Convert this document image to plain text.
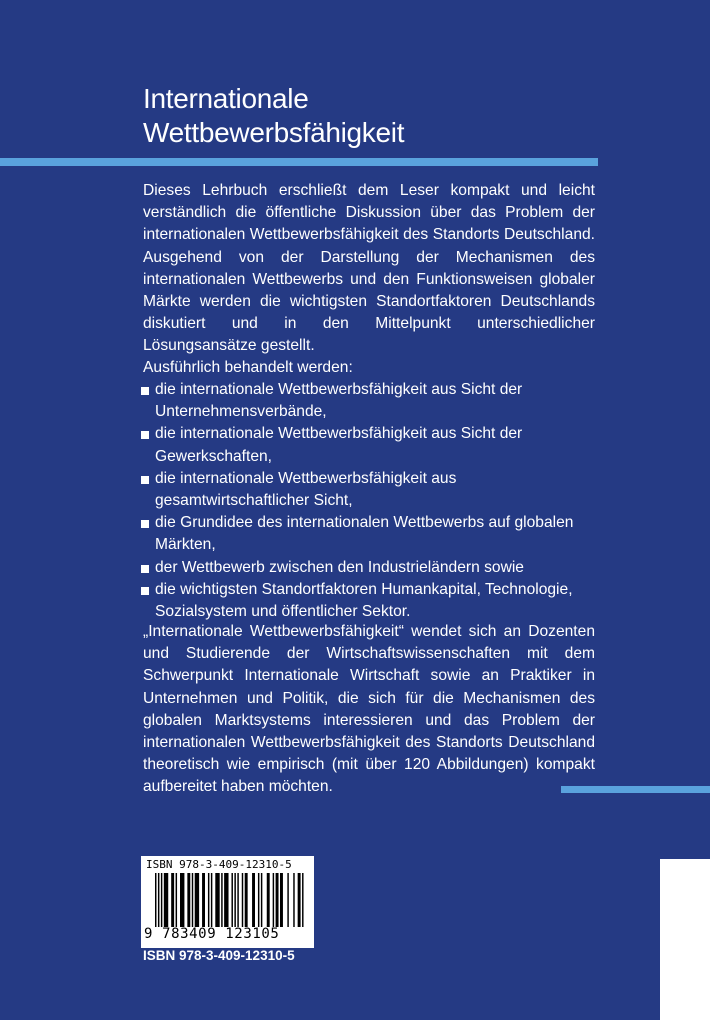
Internationale
Wettbewerbsfähigkeit
Dieses Lehrbuch erschließt dem Leser kompakt und leicht verständlich die öffentliche Diskussion über das Problem der internationalen Wettbewerbsfähigkeit des Standorts Deutschland. Ausgehend von der Darstellung der Mechanismen des internationalen Wettbewerbs und den Funktionsweisen globaler Märkte werden die wichtigsten Standortfaktoren Deutschlands diskutiert und in den Mittelpunkt unterschiedlicher Lösungsansätze gestellt.
Ausführlich behandelt werden:
die internationale Wettbewerbsfähigkeit aus Sicht der Unternehmensverbände,
die internationale Wettbewerbsfähigkeit aus Sicht der Gewerkschaften,
die internationale Wettbewerbsfähigkeit aus gesamtwirtschaftlicher Sicht,
die Grundidee des internationalen Wettbewerbs auf globalen Märkten,
der Wettbewerb zwischen den Industrieländern sowie
die wichtigsten Standortfaktoren Humankapital, Technologie, Sozialsystem und öffentlicher Sektor.
„Internationale Wettbewerbsfähigkeit“ wendet sich an Dozenten und Studierende der Wirtschaftswissenschaften mit dem Schwerpunkt Internationale Wirtschaft sowie an Praktiker in Unternehmen und Politik, die sich für die Mechanismen des globalen Marktsystems interessieren und das Problem der internationalen Wettbewerbsfähigkeit des Standorts Deutschland theoretisch wie empirisch (mit über 120 Abbildungen) kompakt aufbereitet haben möchten.
ISBN 978-3-409-12310-5
9 783409 123105
ISBN 978-3-409-12310-5
